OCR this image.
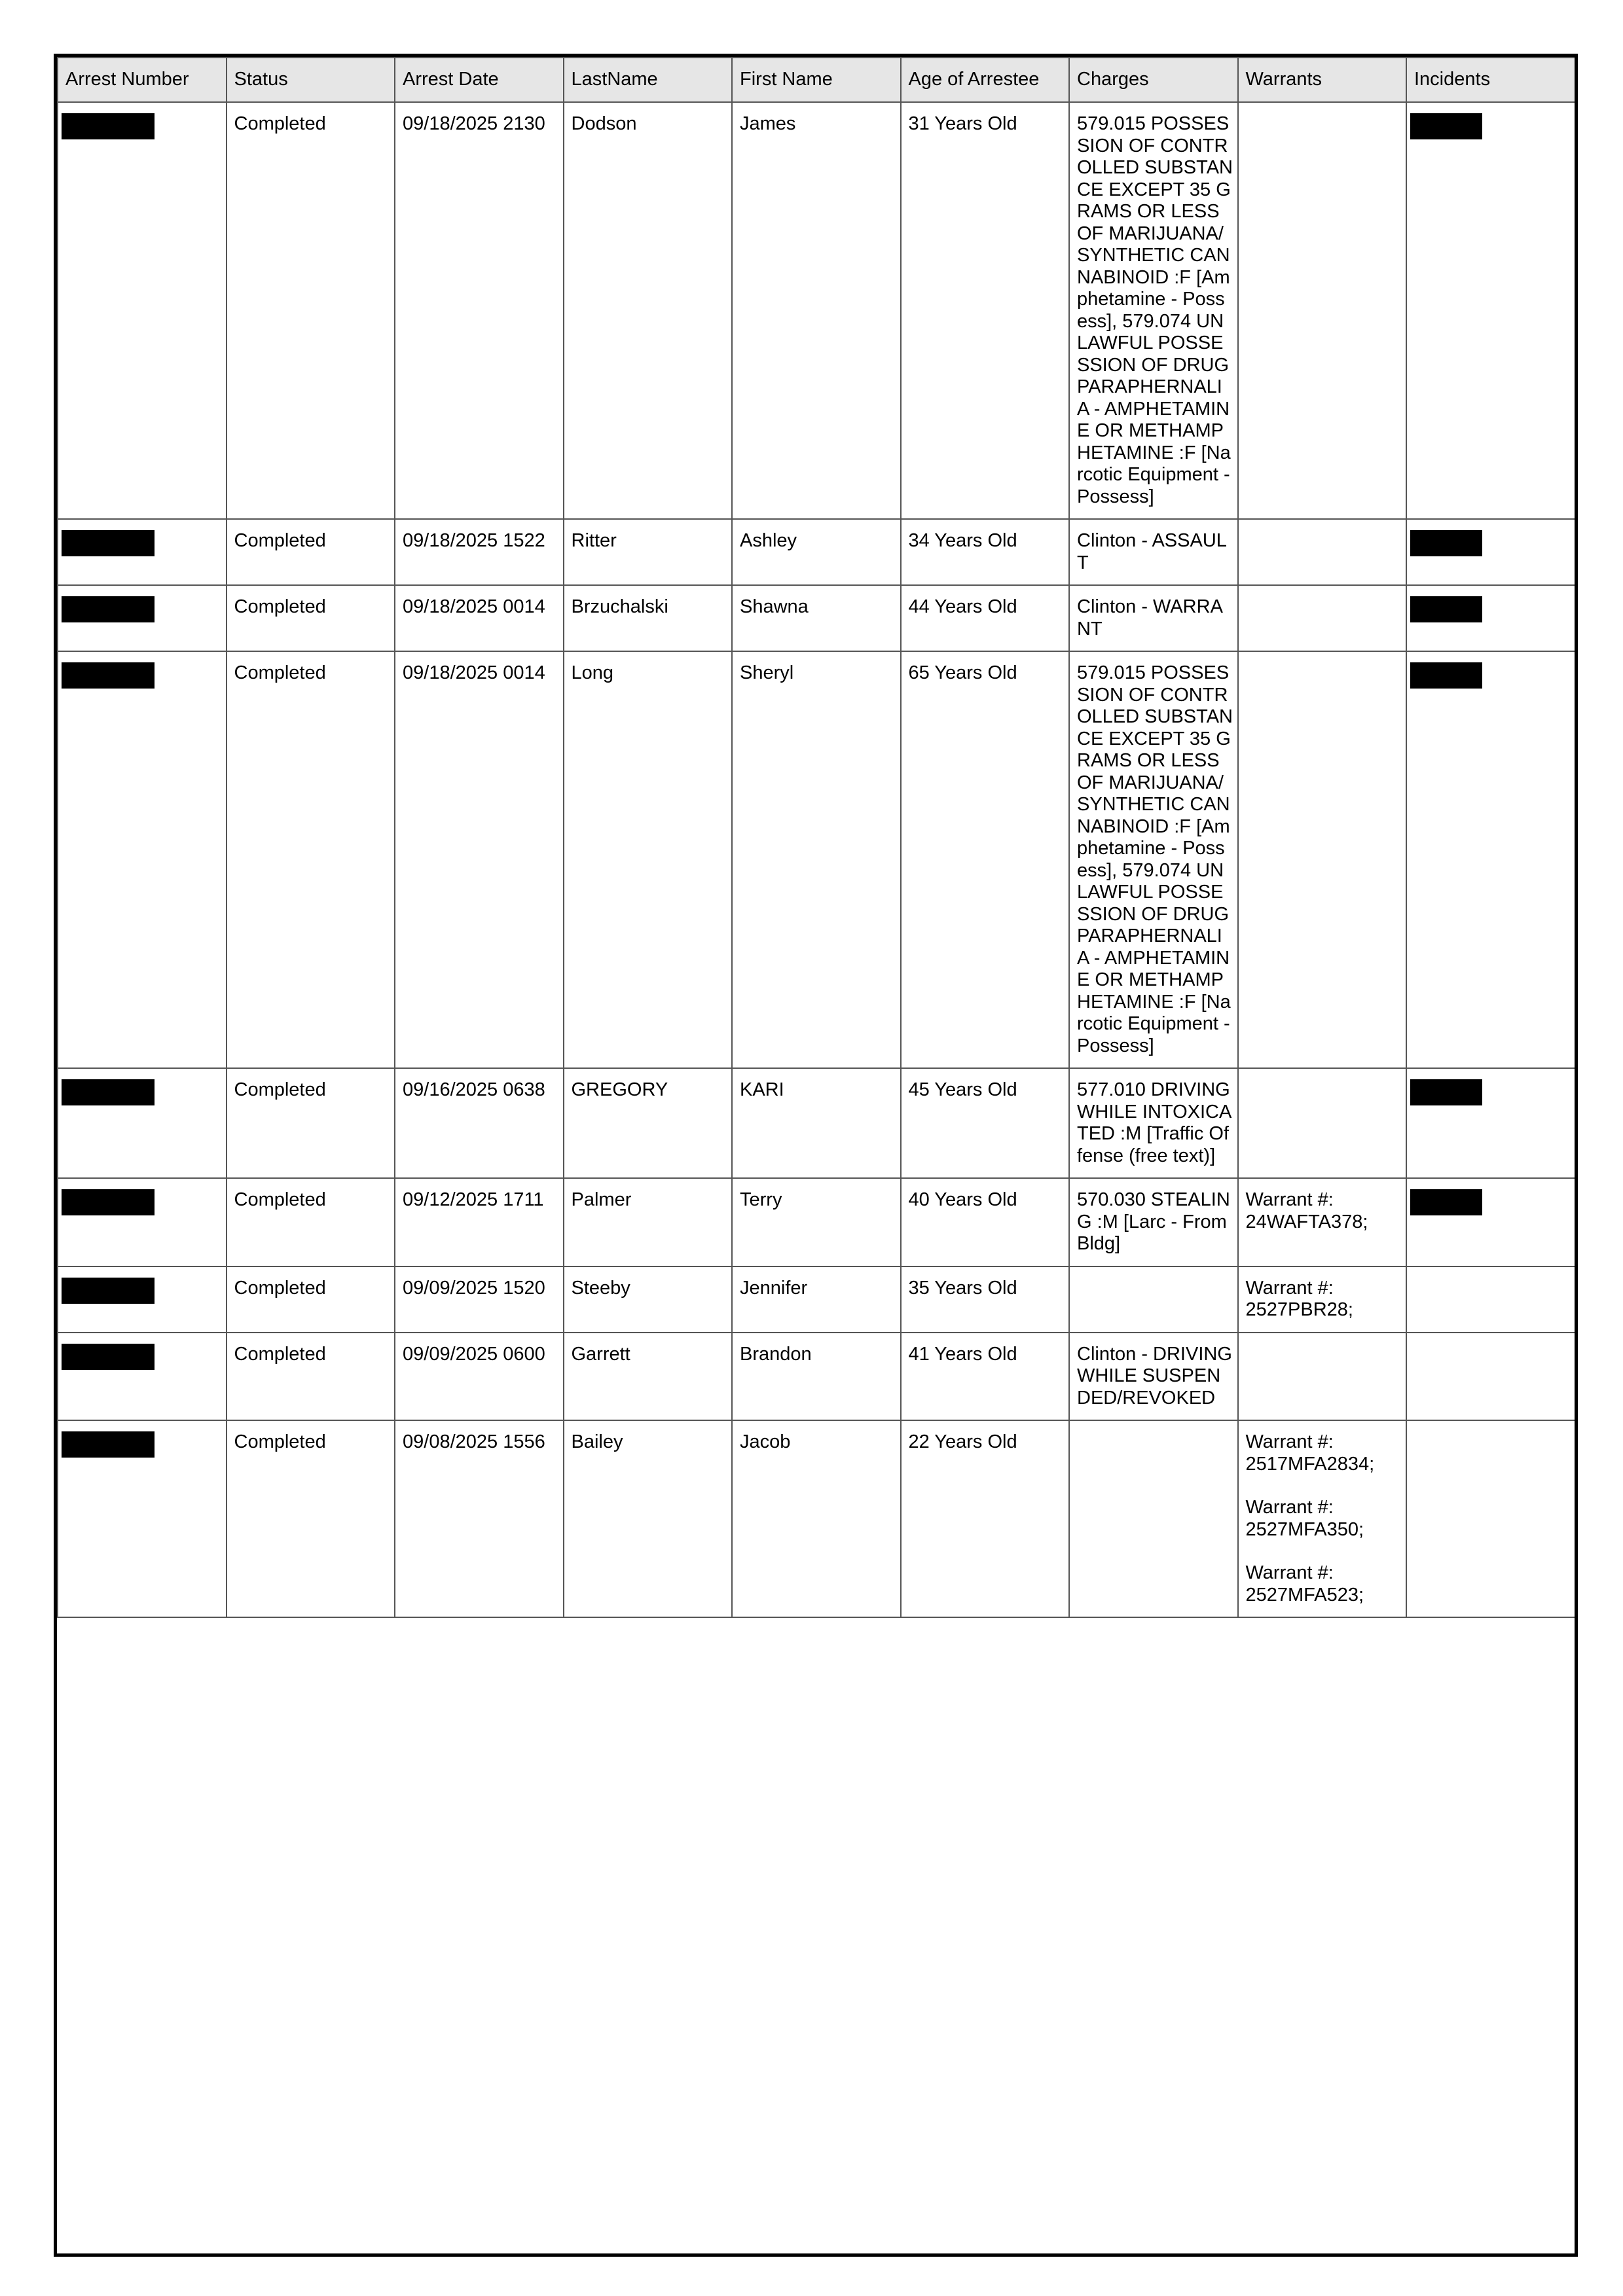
Arrest Number	Status	Arrest Date	LastName	First Name	Age of Arrestee	Charges	Warrants	Incidents
	Completed	09/18/2025 2130	Dodson	James	31 Years Old	579.015 POSSESSION OF CONTROLLED SUBSTANCE EXCEPT 35 GRAMS OR LESS OF MARIJUANA/SYNTHETIC CANNABINOID :F [Amphetamine - Possess], 579.074 UNLAWFUL POSSESSION OF DRUG PARAPHERNALIA - AMPHETAMINE OR METHAMPHETAMINE :F [Narcotic Equipment - Possess]		
	Completed	09/18/2025 1522	Ritter	Ashley	34 Years Old	Clinton - ASSAULT		
	Completed	09/18/2025 0014	Brzuchalski	Shawna	44 Years Old	Clinton - WARRANT		
	Completed	09/18/2025 0014	Long	Sheryl	65 Years Old	579.015 POSSESSION OF CONTROLLED SUBSTANCE EXCEPT 35 GRAMS OR LESS OF MARIJUANA/SYNTHETIC CANNABINOID :F [Amphetamine - Possess], 579.074 UNLAWFUL POSSESSION OF DRUG PARAPHERNALIA - AMPHETAMINE OR METHAMPHETAMINE :F [Narcotic Equipment - Possess]		
	Completed	09/16/2025 0638	GREGORY	KARI	45 Years Old	577.010 DRIVING WHILE INTOXICATED :M [Traffic Offense (free text)]		
	Completed	09/12/2025 1711	Palmer	Terry	40 Years Old	570.030 STEALING :M [Larc - From Bldg]	Warrant #: 24WAFTA378;	

	Completed	09/09/2025 1520	Steeby	Jennifer	35 Years Old		Warrant #: 2527PBR28;	

	Completed	09/09/2025 0600	Garrett	Brandon	41 Years Old	Clinton - DRIVING WHILE SUSPENDED/REVOKED		
	Completed	09/08/2025 1556	Bailey	Jacob	22 Years Old		Warrant #: 2517MFA2834;
Warrant #: 2527MFA350;
Warrant #: 2527MFA523;	
